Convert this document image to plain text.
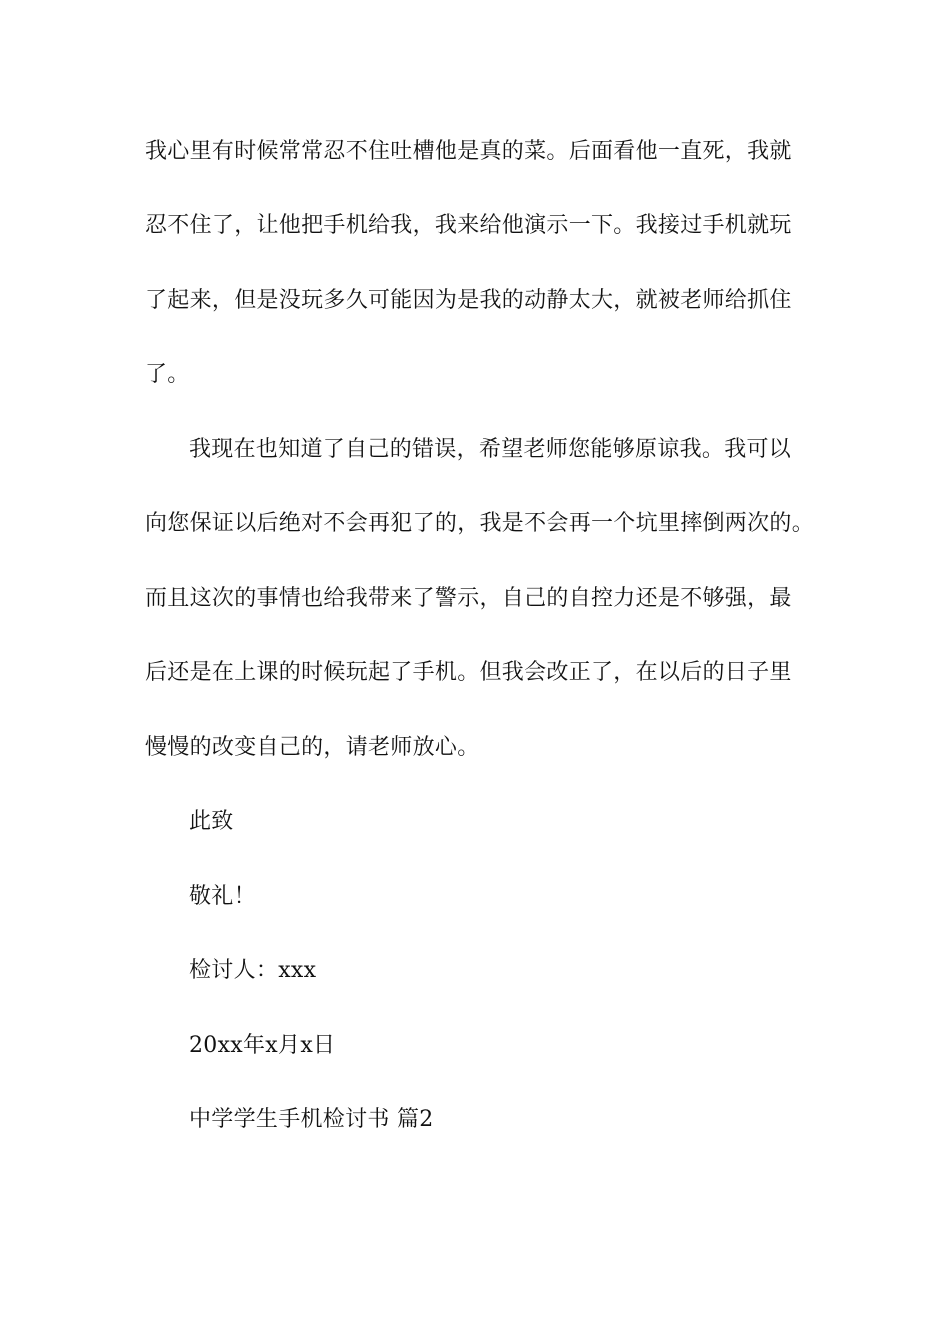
我心里有时候常常忍不住吐槽他是真的菜。后面看他一直死，我就

忍不住了，让他把手机给我，我来给他演示一下。我接过手机就玩

了起来，但是没玩多久可能因为是我的动静太大，就被老师给抓住

了。

我现在也知道了自己的错误，希望老师您能够原谅我。我可以

向您保证以后绝对不会再犯了的，我是不会再一个坑里摔倒两次的。

而且这次的事情也给我带来了警示，自己的自控力还是不够强，最

后还是在上课的时候玩起了手机。但我会改正了，在以后的日子里

慢慢的改变自己的，请老师放心。

此致

敬礼！

检讨人：xxx

20xx年x月x日

中学学生手机检讨书 篇2
